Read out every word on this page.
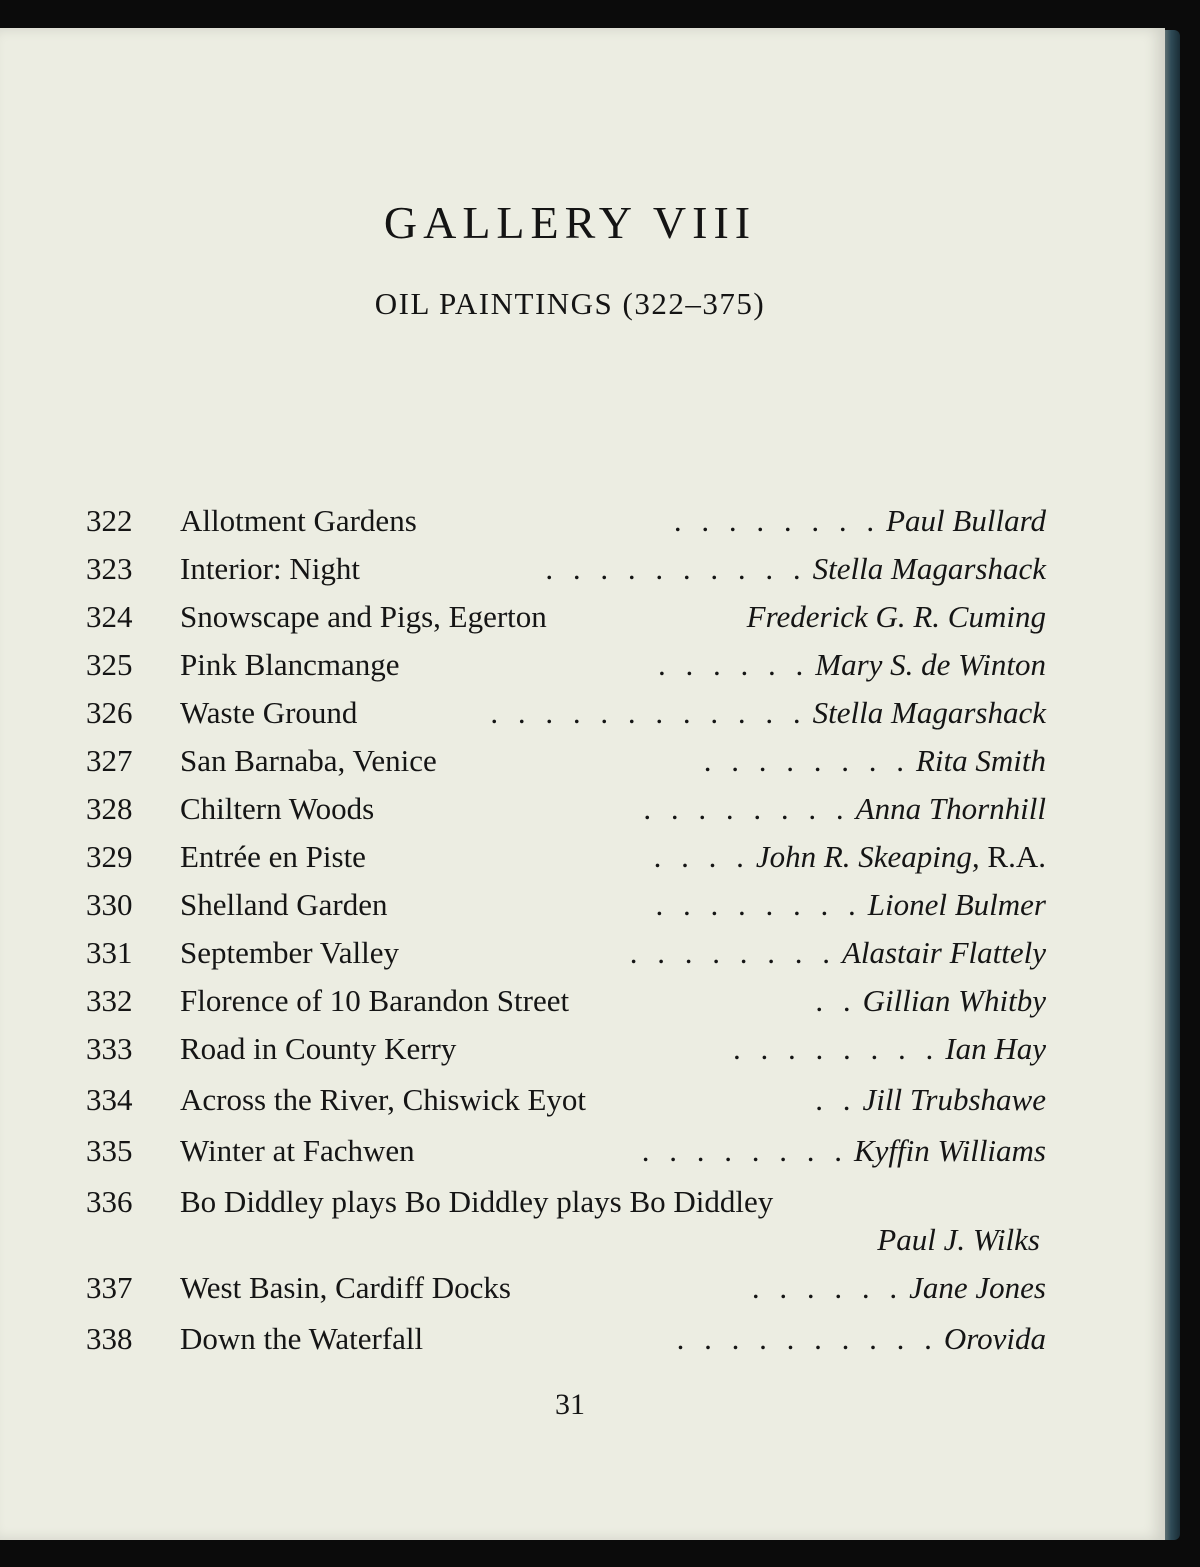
GALLERY VIII
OIL PAINTINGS (322–375)
322	Allotment Gardens	. . . . . . . . Paul Bullard
323	Interior: Night	. . . . . . . . . . Stella Magarshack
324	Snowscape and Pigs, Egerton	Frederick G. R. Cuming
325	Pink Blancmange	. . . . . . Mary S. de Winton
326	Waste Ground	. . . . . . . . . . . . Stella Magarshack
327	San Barnaba, Venice	. . . . . . . . Rita Smith
328	Chiltern Woods	. . . . . . . . Anna Thornhill
329	Entrée en Piste	. . . . John R. Skeaping, R.A.
330	Shelland Garden	. . . . . . . . Lionel Bulmer
331	September Valley	. . . . . . . . Alastair Flattely
332	Florence of 10 Barandon Street	. . Gillian Whitby
333	Road in County Kerry	. . . . . . . . Ian Hay
334	Across the River, Chiswick Eyot	. . Jill Trubshawe
335	Winter at Fachwen	. . . . . . . . Kyffin Williams
336	Bo Diddley plays Bo Diddley plays Bo Diddley
Paul J. Wilks
337	West Basin, Cardiff Docks	. . . . . . Jane Jones
338	Down the Waterfall	. . . . . . . . . . Orovida
31
